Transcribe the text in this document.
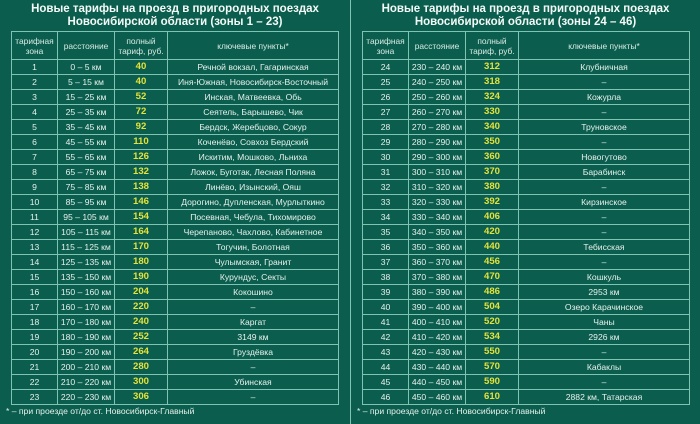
Новые тарифы на проезд в пригородных поездах
Новосибирской области (зоны 1 – 23)
тарифная
зона	расстояние	полный
тариф, руб.	ключевые пункты*
1	0 – 5 км	40	Речной вокзал, Гагаринская
2	5 – 15 км	40	Иня-Южная, Новосибирск-Восточный
3	15 – 25 км	52	Инская, Матвеевка, Обь
4	25 – 35 км	72	Сеятель, Барышево, Чик
5	35 – 45 км	92	Бердск, Жеребцово, Сокур
6	45 – 55 км	110	Коченёво, Совхоз Бердский
7	55 – 65 км	126	Искитим, Мошково, Льниха
8	65 – 75 км	132	Ложок, Буготак, Лесная Поляна
9	75 – 85 км	138	Линёво, Изынский, Ояш
10	85 – 95 км	146	Дорогино, Дупленская, Мурлыткино
11	95 – 105 км	154	Посевная, Чебула, Тихомирово
12	105 – 115 км	164	Черепаново, Чахлово, Кабинетное
13	115 – 125 км	170	Тогучин, Болотная
14	125 – 135 км	180	Чулымская, Гранит
15	135 – 150 км	190	Курундус, Секты
16	150 – 160 км	204	Кокошино
17	160 – 170 км	220	–
18	170 – 180 км	240	Каргат
19	180 – 190 км	252	3149 км
20	190 – 200 км	264	Груздёвка
21	200 – 210 км	280	–
22	210 – 220 км	300	Убинская
23	220 – 230 км	306	–
* – при проезде от/до ст. Новосибирск-Главный
Новые тарифы на проезд в пригородных поездах
Новосибирской области (зоны 24 – 46)
тарифная
зона	расстояние	полный
тариф, руб.	ключевые пункты*
24	230 – 240 км	312	Клубничная
25	240 – 250 км	318	–
26	250 – 260 км	324	Кожурла
27	260 – 270 км	330	–
28	270 – 280 км	340	Труновское
29	280 – 290 км	350	–
30	290 – 300 км	360	Новогутово
31	300 – 310 км	370	Барабинск
32	310 – 320 км	380	–
33	320 – 330 км	392	Кирзинское
34	330 – 340 км	406	–
35	340 – 350 км	420	–
36	350 – 360 км	440	Тебисская
37	360 – 370 км	456	–
38	370 – 380 км	470	Кошкуль
39	380 – 390 км	486	2953 км
40	390 – 400 км	504	Озеро Карачинское
41	400 – 410 км	520	Чаны
42	410 – 420 км	534	2926 км
43	420 – 430 км	550	–
44	430 – 440 км	570	Кабаклы
45	440 – 450 км	590	–
46	450 – 460 км	610	2882 км, Татарская
* – при проезде от/до ст. Новосибирск-Главный
